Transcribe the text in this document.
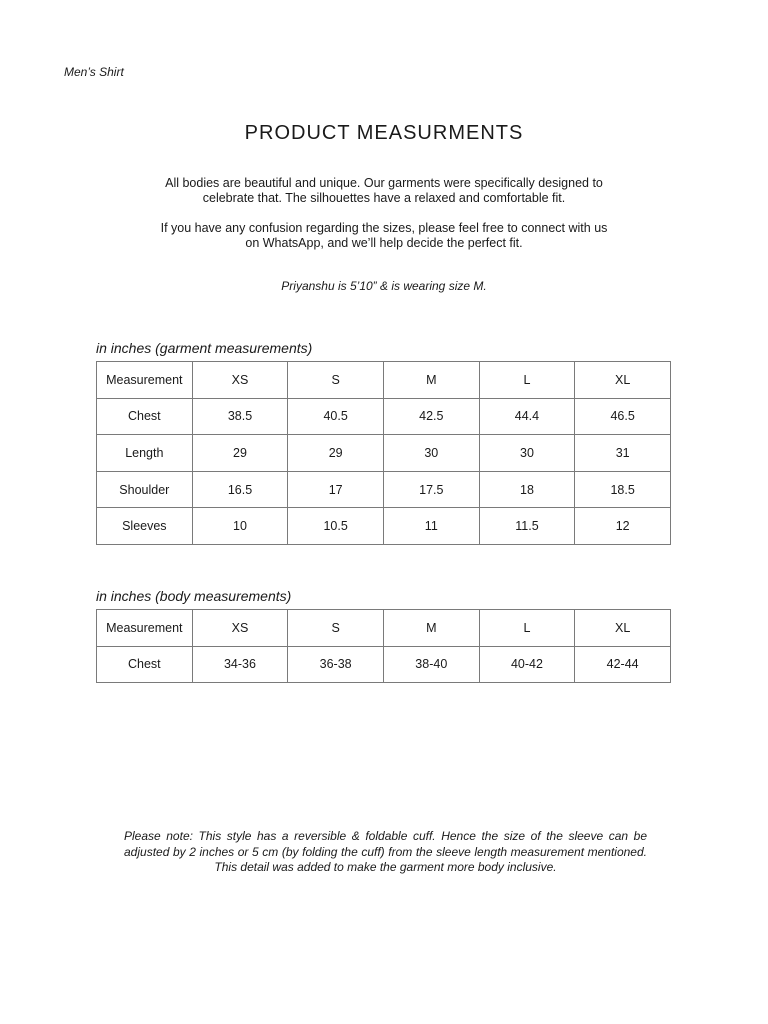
Men’s Shirt
PRODUCT MEASURMENTS

All bodies are beautiful and unique. Our garments were specifically designed to

celebrate that. The silhouettes have a relaxed and comfortable fit.

If you have any confusion regarding the sizes, please feel free to connect with us

on WhatsApp, and we’ll help decide the perfect fit.

Priyanshu is 5’10” & is wearing size M.
in inches (garment measurements)
Measurement	XS	S	M	L	XL
Chest	38.5	40.5	42.5	44.4	46.5
Length	29	29	30	30	31
Shoulder	16.5	17	17.5	18	18.5
Sleeves	10	10.5	11	11.5	12
in inches (body measurements)
Measurement	XS	S	M	L	XL
Chest	34-36	36-38	38-40	40-42	42-44
Please note: This style has a reversible & foldable cuff. Hence the size of the sleeve can be adjusted by 2 inches or 5 cm (by folding the cuff) from the sleeve length measurement mentioned. This detail was added to make the garment more body inclusive.
